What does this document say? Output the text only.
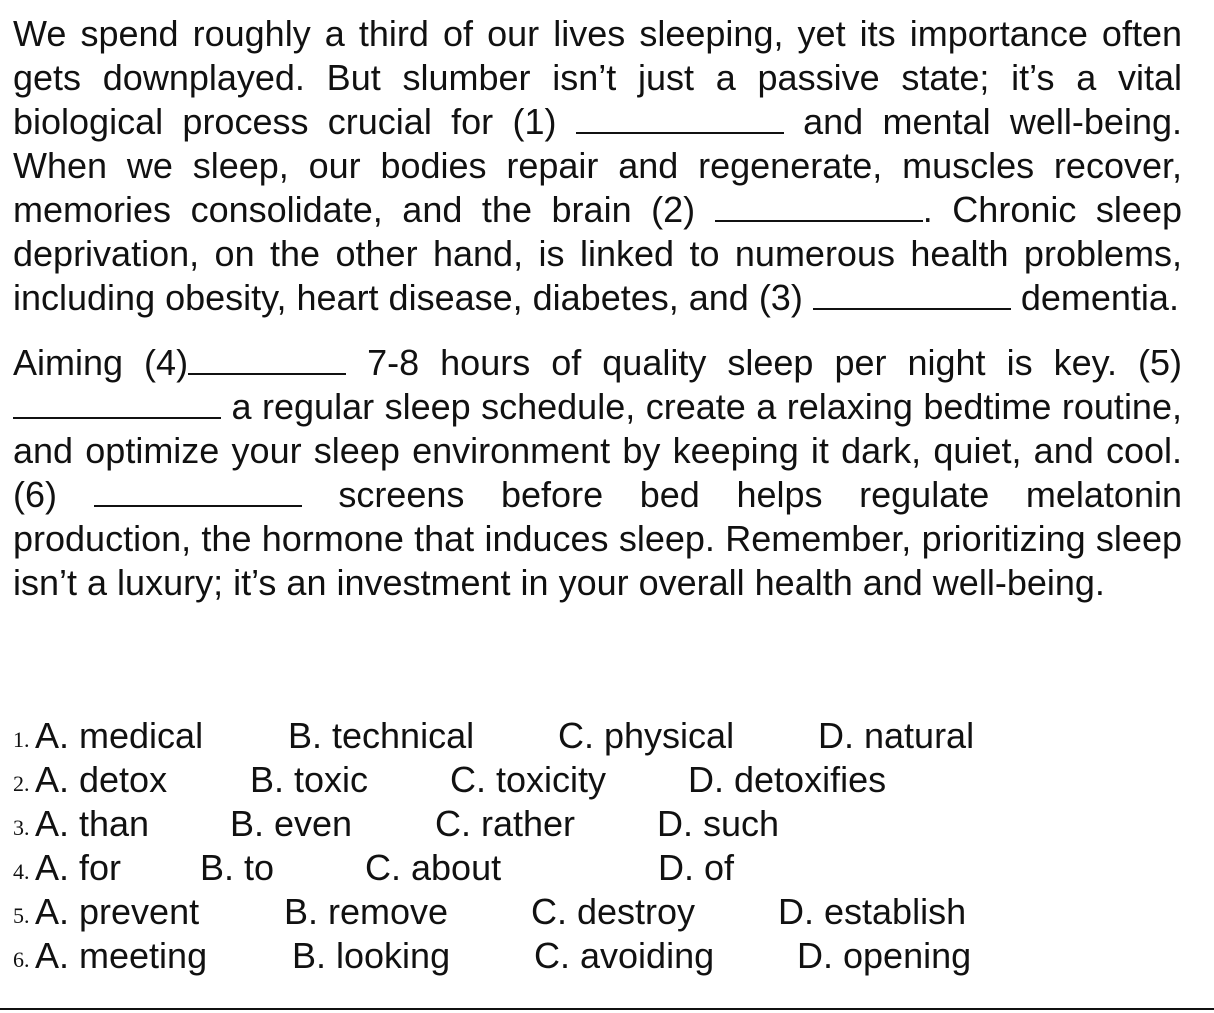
We spend roughly a third of our lives sleeping, yet its importance often gets downplayed. But slumber isn’t just a passive state; it’s a vital biological process crucial for (1)	and mental well-being. When we sleep, our bodies repair and regenerate, muscles recover, memories consolidate, and the brain (2)	. Chronic sleep deprivation, on the other hand, is linked to numerous health problems, including obesity, heart disease, diabetes, and (3)	dementia.

Aiming (4)	7-8 hours of quality sleep per night is key. (5)  a regular sleep schedule, create a relaxing bedtime routine, and optimize your sleep environment by keeping it dark, quiet, and cool. (6)	screens before bed helps regulate melatonin production, the hormone that induces sleep. Remember, prioritizing sleep isn’t a luxury; it’s an investment in your overall health and well-being.

1. A. medical B. technical C. physical D. natural
2. A. detox B. toxic C. toxicity D. detoxifies
3. A. than B. even C. rather D. such
4. A. for B. to	C. about	D. of
5. A. prevent B. remove C. destroy D. establish
6. A. meeting B. looking C. avoiding D. opening
